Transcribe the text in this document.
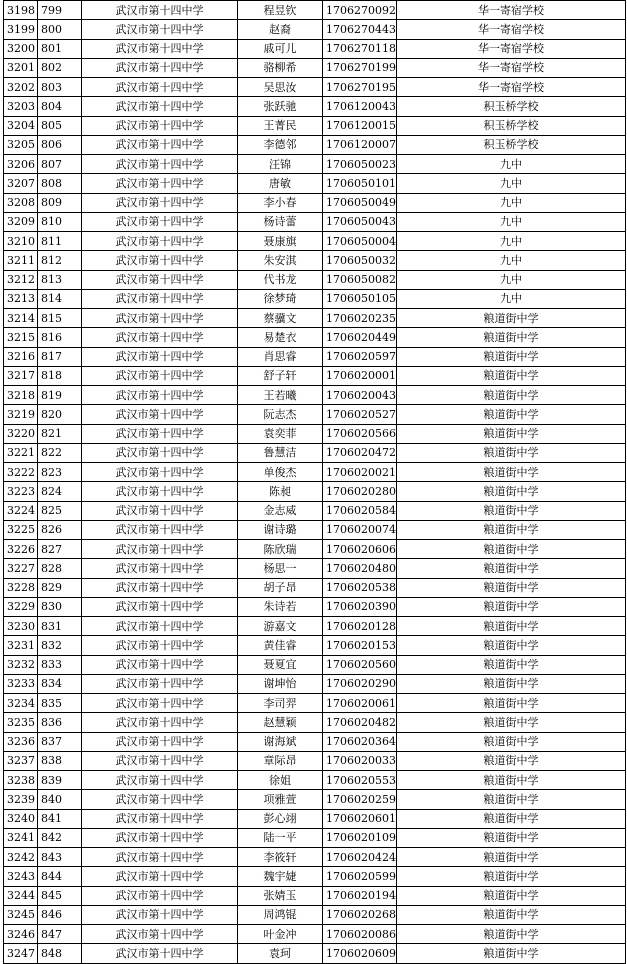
3198	799	武汉市第十四中学	程昱钦	1706270092	华一寄宿学校
3199	800	武汉市第十四中学	赵裔	1706270443	华一寄宿学校
3200	801	武汉市第十四中学	戚可儿	1706270118	华一寄宿学校
3201	802	武汉市第十四中学	骆柳希	1706270199	华一寄宿学校
3202	803	武汉市第十四中学	吴思汝	1706270195	华一寄宿学校
3203	804	武汉市第十四中学	张跃驰	1706120043	积玉桥学校
3204	805	武汉市第十四中学	王菁民	1706120015	积玉桥学校
3205	806	武汉市第十四中学	李德邻	1706120007	积玉桥学校
3206	807	武汉市第十四中学	汪锦	1706050023	九中
3207	808	武汉市第十四中学	唐敏	1706050101	九中
3208	809	武汉市第十四中学	李小春	1706050049	九中
3209	810	武汉市第十四中学	杨诗蕾	1706050043	九中
3210	811	武汉市第十四中学	聂康旗	1706050004	九中
3211	812	武汉市第十四中学	朱安淇	1706050032	九中
3212	813	武汉市第十四中学	代书龙	1706050082	九中
3213	814	武汉市第十四中学	徐梦琦	1706050105	九中
3214	815	武汉市第十四中学	蔡骥文	1706020235	粮道街中学
3215	816	武汉市第十四中学	易楚衣	1706020449	粮道街中学
3216	817	武汉市第十四中学	肖思睿	1706020597	粮道街中学
3217	818	武汉市第十四中学	舒子轩	1706020001	粮道街中学
3218	819	武汉市第十四中学	王若曦	1706020043	粮道街中学
3219	820	武汉市第十四中学	阮志杰	1706020527	粮道街中学
3220	821	武汉市第十四中学	袁奕菲	1706020566	粮道街中学
3221	822	武汉市第十四中学	鲁慧洁	1706020472	粮道街中学
3222	823	武汉市第十四中学	单俊杰	1706020021	粮道街中学
3223	824	武汉市第十四中学	陈昶	1706020280	粮道街中学
3224	825	武汉市第十四中学	金志威	1706020584	粮道街中学
3225	826	武汉市第十四中学	谢诗璐	1706020074	粮道街中学
3226	827	武汉市第十四中学	陈欣瑞	1706020606	粮道街中学
3227	828	武汉市第十四中学	杨思一	1706020480	粮道街中学
3228	829	武汉市第十四中学	胡子昂	1706020538	粮道街中学
3229	830	武汉市第十四中学	朱诗若	1706020390	粮道街中学
3230	831	武汉市第十四中学	游嘉文	1706020128	粮道街中学
3231	832	武汉市第十四中学	黄佳睿	1706020153	粮道街中学
3232	833	武汉市第十四中学	聂夏宜	1706020560	粮道街中学
3233	834	武汉市第十四中学	谢坤怡	1706020290	粮道街中学
3234	835	武汉市第十四中学	李司羿	1706020061	粮道街中学
3235	836	武汉市第十四中学	赵慧颖	1706020482	粮道街中学
3236	837	武汉市第十四中学	谢海斌	1706020364	粮道街中学
3237	838	武汉市第十四中学	章际昂	1706020033	粮道街中学
3238	839	武汉市第十四中学	徐姐	1706020553	粮道街中学
3239	840	武汉市第十四中学	项雅萱	1706020259	粮道街中学
3240	841	武汉市第十四中学	彭心翊	1706020601	粮道街中学
3241	842	武汉市第十四中学	陆一平	1706020109	粮道街中学
3242	843	武汉市第十四中学	李筱轩	1706020424	粮道街中学
3243	844	武汉市第十四中学	魏宇婕	1706020599	粮道街中学
3244	845	武汉市第十四中学	张婧玉	1706020194	粮道街中学
3245	846	武汉市第十四中学	周鸿锟	1706020268	粮道街中学
3246	847	武汉市第十四中学	叶金冲	1706020086	粮道街中学
3247	848	武汉市第十四中学	袁珂	1706020609	粮道街中学
